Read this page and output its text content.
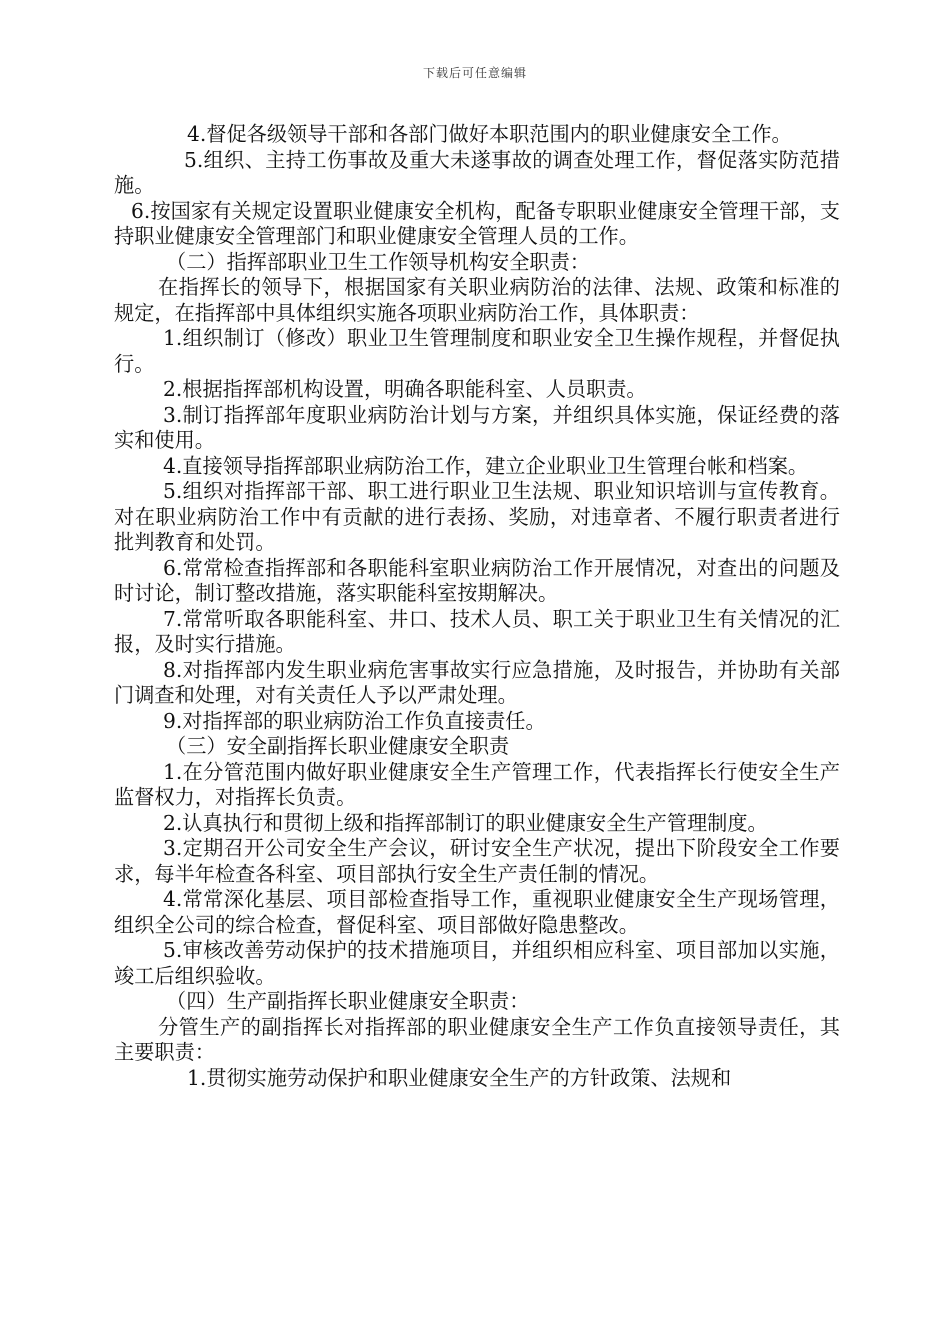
下载后可任意编辑

4.督促各级领导干部和各部门做好本职范围内的职业健康安全工作。

5.组织、主持工伤事故及重大未遂事故的调查处理工作，督促落实防范措施。

6.按国家有关规定设置职业健康安全机构，配备专职职业健康安全管理干部，支持职业健康安全管理部门和职业健康安全管理人员的工作。

（二）指挥部职业卫生工作领导机构安全职责：

在指挥长的领导下，根据国家有关职业病防治的法律、法规、政策和标准的规定，在指挥部中具体组织实施各项职业病防治工作，具体职责：

1.组织制订（修改）职业卫生管理制度和职业安全卫生操作规程，并督促执行。

2.根据指挥部机构设置，明确各职能科室、人员职责。

3.制订指挥部年度职业病防治计划与方案，并组织具体实施，保证经费的落实和使用。

4.直接领导指挥部职业病防治工作，建立企业职业卫生管理台帐和档案。

5.组织对指挥部干部、职工进行职业卫生法规、职业知识培训与宣传教育。对在职业病防治工作中有贡献的进行表扬、奖励，对违章者、不履行职责者进行批判教育和处罚。

6.常常检查指挥部和各职能科室职业病防治工作开展情况，对查出的问题及时讨论，制订整改措施，落实职能科室按期解决。

7.常常听取各职能科室、井口、技术人员、职工关于职业卫生有关情况的汇报，及时实行措施。

8.对指挥部内发生职业病危害事故实行应急措施，及时报告，并协助有关部门调查和处理，对有关责任人予以严肃处理。

9.对指挥部的职业病防治工作负直接责任。

（三）安全副指挥长职业健康安全职责

1.在分管范围内做好职业健康安全生产管理工作，代表指挥长行使安全生产监督权力，对指挥长负责。

2.认真执行和贯彻上级和指挥部制订的职业健康安全生产管理制度。

3.定期召开公司安全生产会议，研讨安全生产状况，提出下阶段安全工作要求，每半年检查各科室、项目部执行安全生产责任制的情况。

4.常常深化基层、项目部检查指导工作，重视职业健康安全生产现场管理，组织全公司的综合检查，督促科室、项目部做好隐患整改。

5.审核改善劳动保护的技术措施项目，并组织相应科室、项目部加以实施，竣工后组织验收。

（四）生产副指挥长职业健康安全职责：

分管生产的副指挥长对指挥部的职业健康安全生产工作负直接领导责任，其主要职责：

1.贯彻实施劳动保护和职业健康安全生产的方针政策、法规和
